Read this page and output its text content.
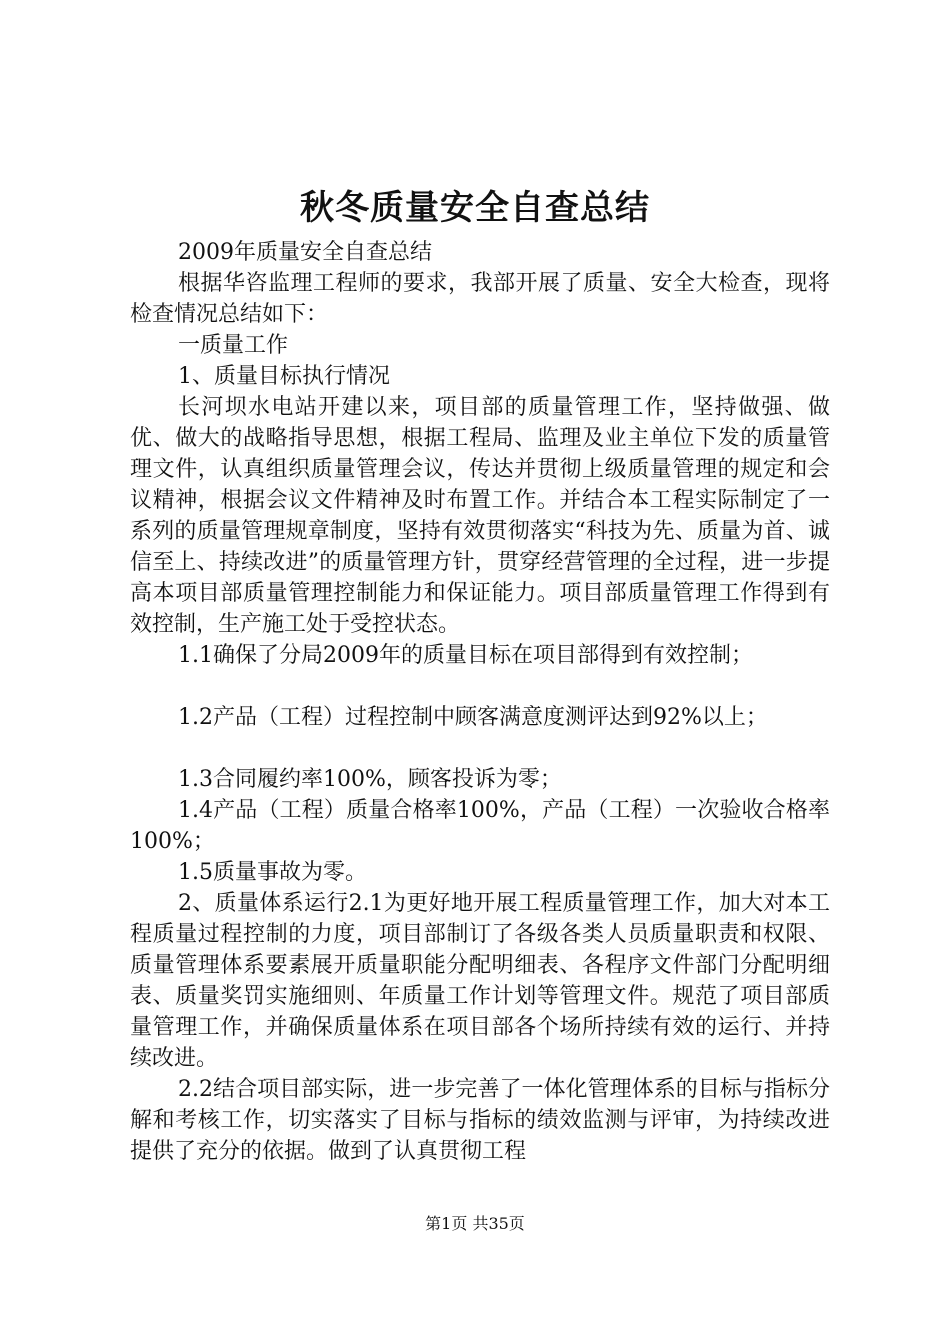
秋冬质量安全自查总结

2009年质量安全自查总结

根据华咨监理工程师的要求，我部开展了质量、安全大检查，现将检查情况总结如下：

一质量工作

1、质量目标执行情况

长河坝水电站开建以来，项目部的质量管理工作，坚持做强、做优、做大的战略指导思想，根据工程局、监理及业主单位下发的质量管理文件，认真组织质量管理会议，传达并贯彻上级质量管理的规定和会议精神，根据会议文件精神及时布置工作。并结合本工程实际制定了一系列的质量管理规章制度，坚持有效贯彻落实“科技为先、质量为首、诚信至上、持续改进”的质量管理方针，贯穿经营管理的全过程，进一步提高本项目部质量管理控制能力和保证能力。项目部质量管理工作得到有效控制，生产施工处于受控状态。

1.1确保了分局2009年的质量目标在项目部得到有效控制；

1.2产品（工程）过程控制中顾客满意度测评达到92%以上；

1.3合同履约率100%，顾客投诉为零；

1.4产品（工程）质量合格率100%，产品（工程）一次验收合格率100%；

1.5质量事故为零。

2、质量体系运行2.1为更好地开展工程质量管理工作，加大对本工程质量过程控制的力度，项目部制订了各级各类人员质量职责和权限、质量管理体系要素展开质量职能分配明细表、各程序文件部门分配明细表、质量奖罚实施细则、年质量工作计划等管理文件。规范了项目部质量管理工作，并确保质量体系在项目部各个场所持续有效的运行、并持续改进。

2.2结合项目部实际，进一步完善了一体化管理体系的目标与指标分解和考核工作，切实落实了目标与指标的绩效监测与评审，为持续改进提供了充分的依据。做到了认真贯彻工程

第1页 共35页
